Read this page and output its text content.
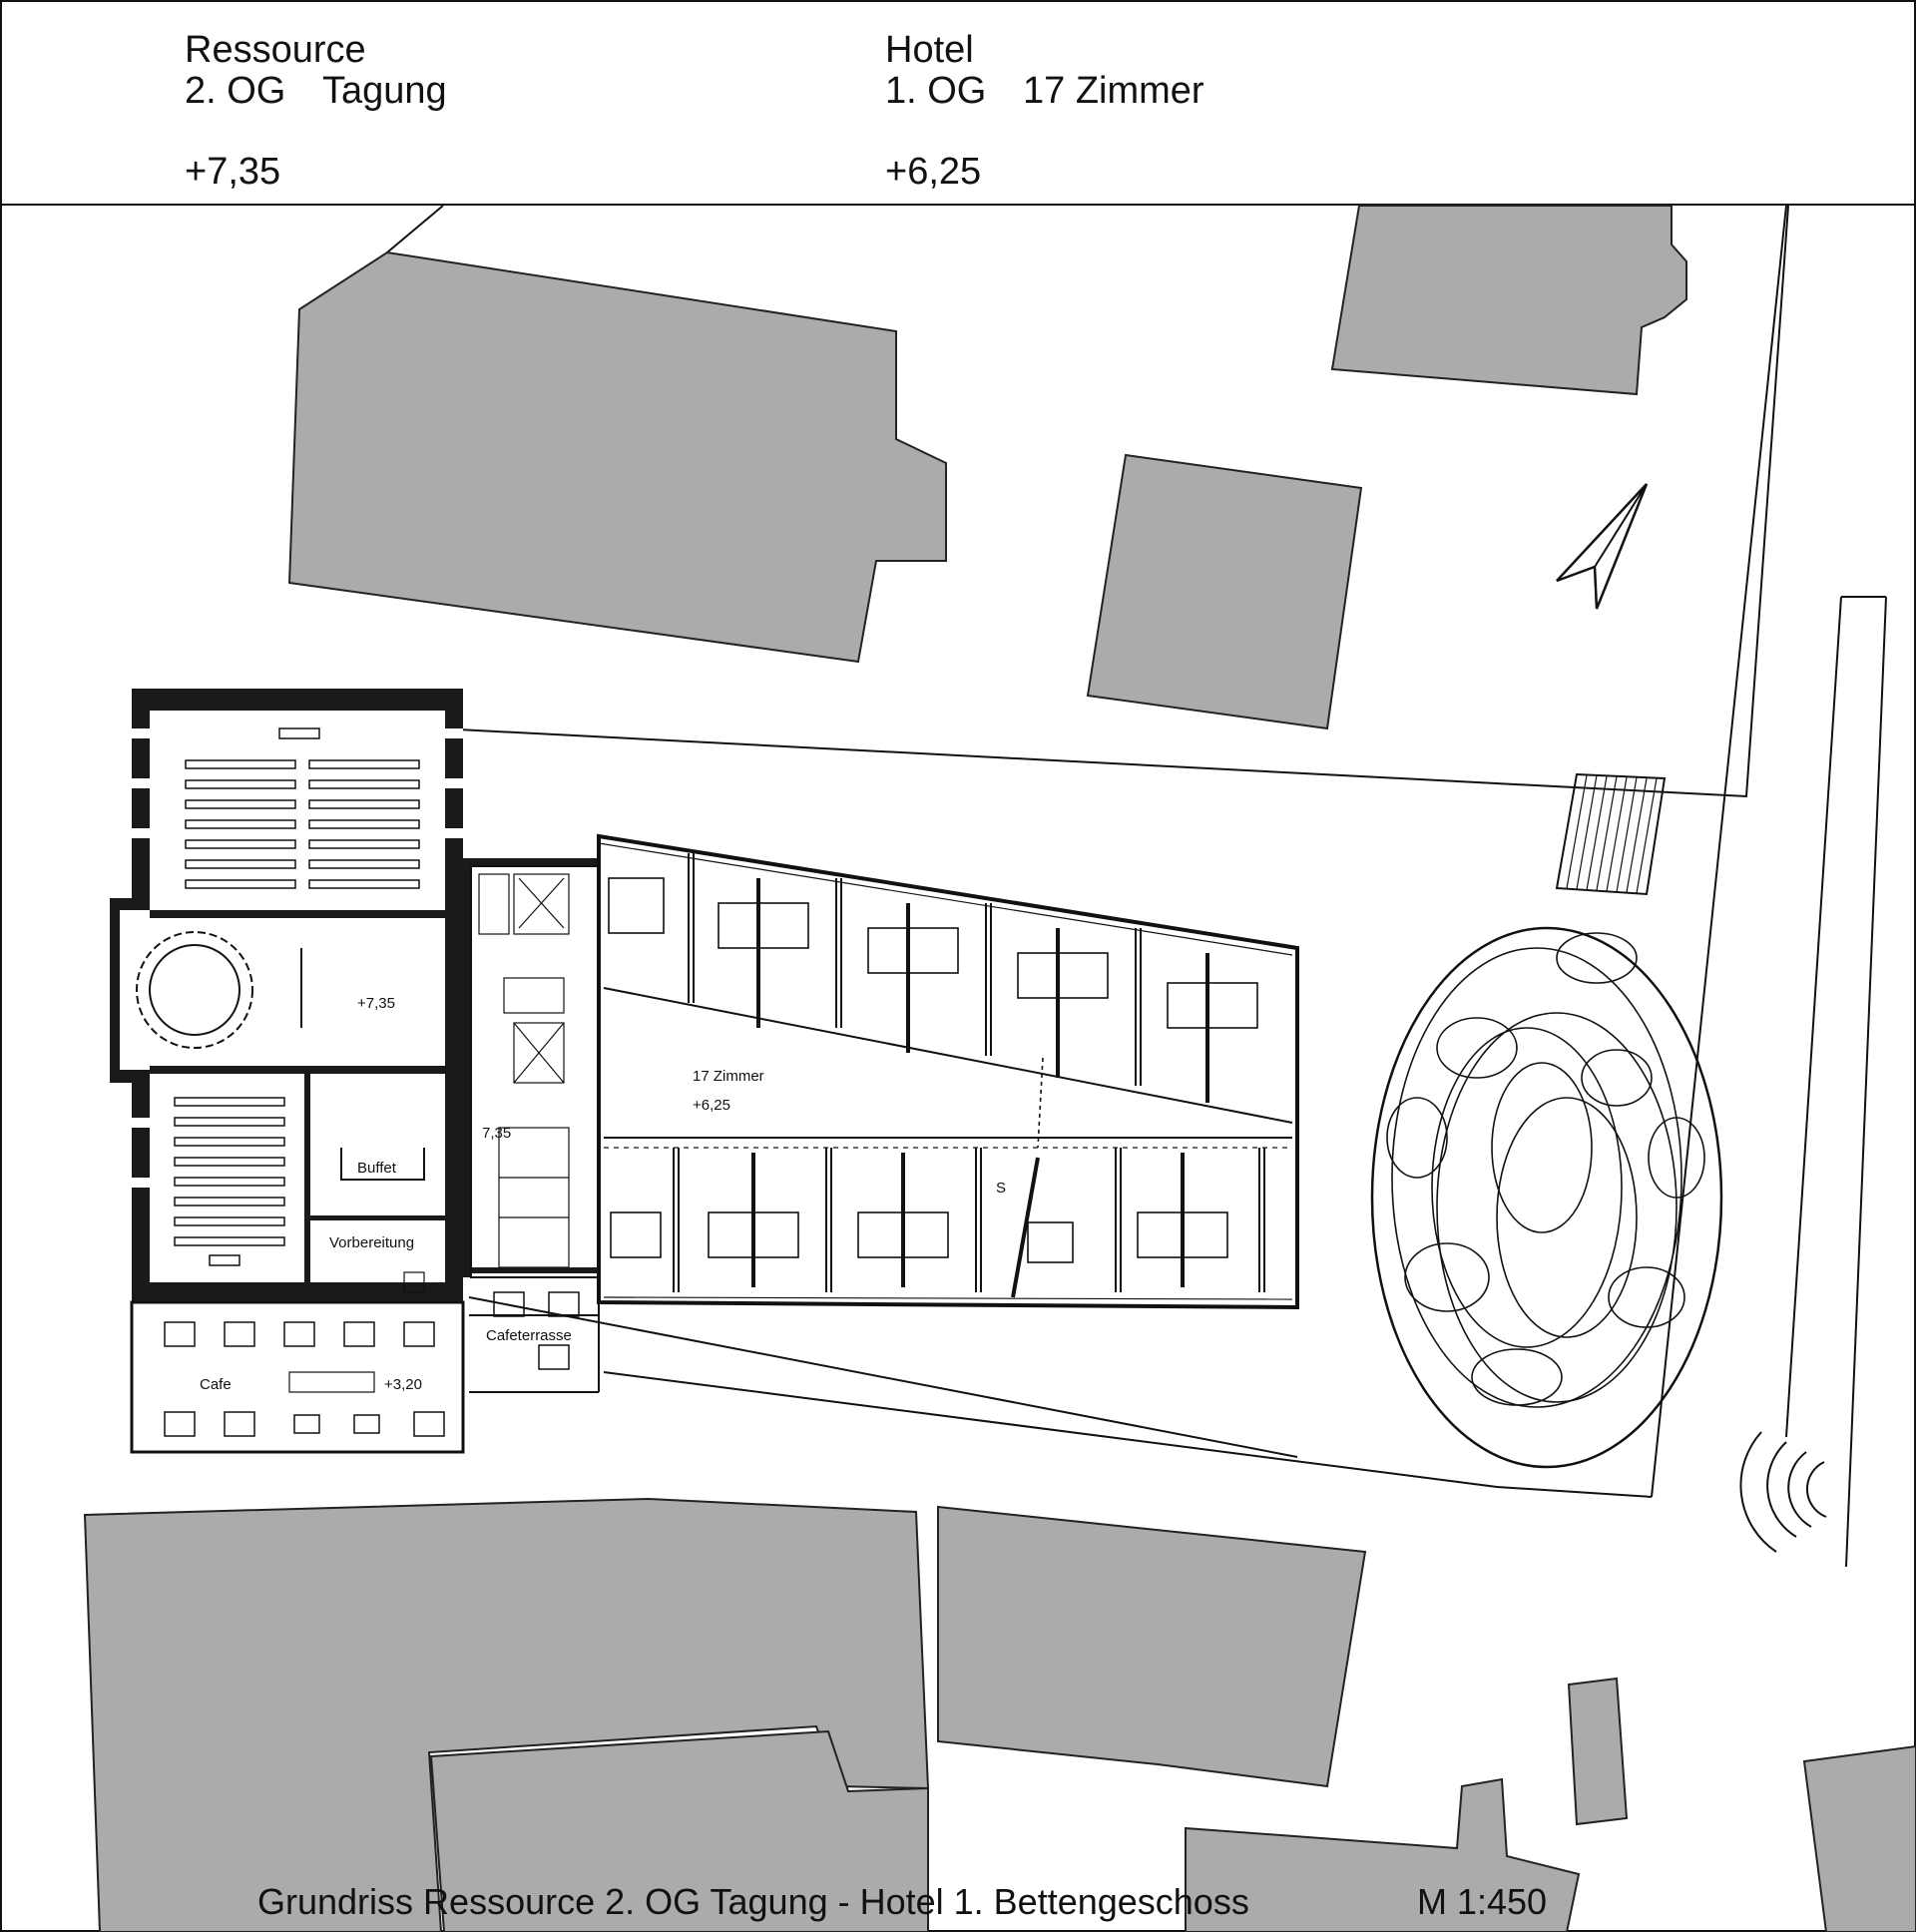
Ressource
2. OG Tagung
+7,35
Hotel
1. OG 17 Zimmer
+6,25
+7,35
17 Zimmer
+6,25
7,35
Buffet
Vorbereitung
Cafeterrasse
Cafe	+3,20
S
Grundriss Ressource 2. OG Tagung - Hotel 1. Bettengeschoss	M 1:450
